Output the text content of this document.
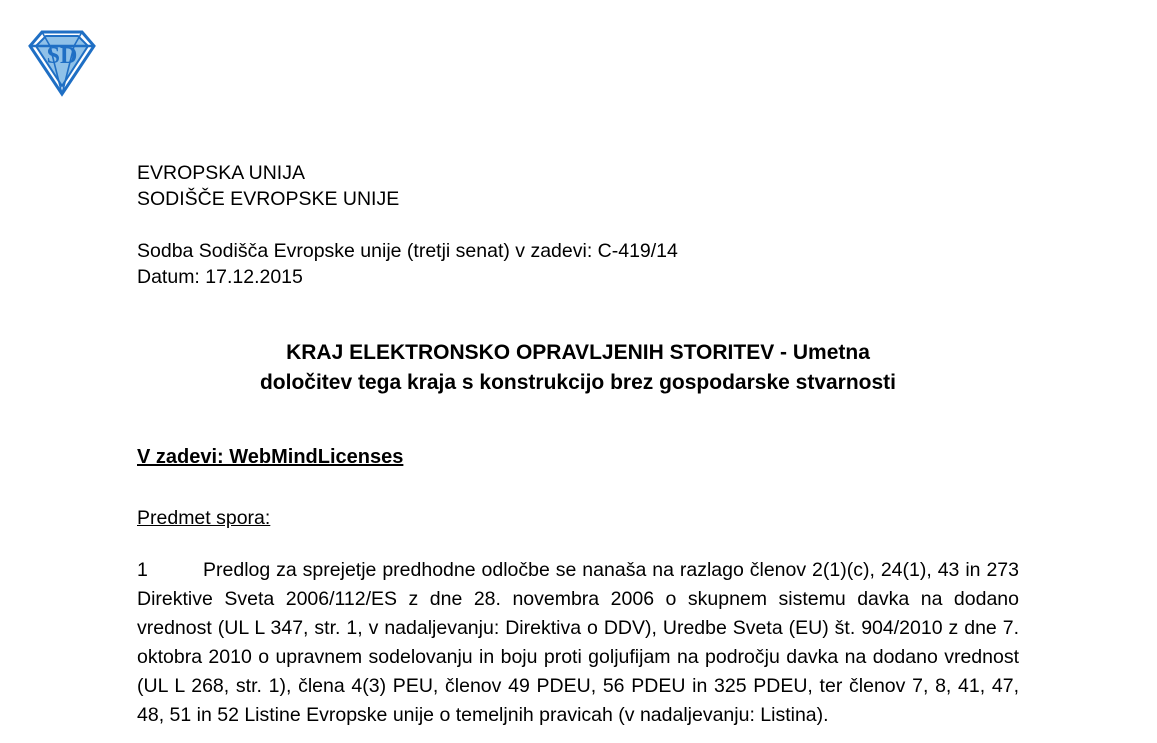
SD
EVROPSKA UNIJA
SODIŠČE EVROPSKE UNIJE
Sodba Sodišča Evropske unije (tretji senat) v zadevi: C-419/14
Datum: 17.12.2015
KRAJ ELEKTRONSKO OPRAVLJENIH STORITEV - Umetna
določitev tega kraja s konstrukcijo brez gospodarske stvarnosti
V zadevi: WebMindLicenses
Predmet spora:

1	Predlog za sprejetje predhodne odločbe se nanaša na razlago členov 2(1)(c), 24(1), 43 in 273 Direktive Sveta 2006/112/ES z dne 28. novembra 2006 o skupnem sistemu davka na dodano vrednost (UL L 347, str. 1, v nadaljevanju: Direktiva o DDV), Uredbe Sveta (EU) št. 904/2010 z dne 7. oktobra 2010 o upravnem sodelovanju in boju proti goljufijam na področju davka na dodano vrednost (UL L 268, str. 1), člena 4(3) PEU, členov 49 PDEU, 56 PDEU in 325 PDEU, ter členov 7, 8, 41, 47, 48, 51 in 52 Listine Evropske unije o temeljnih pravicah (v nadaljevanju: Listina).
